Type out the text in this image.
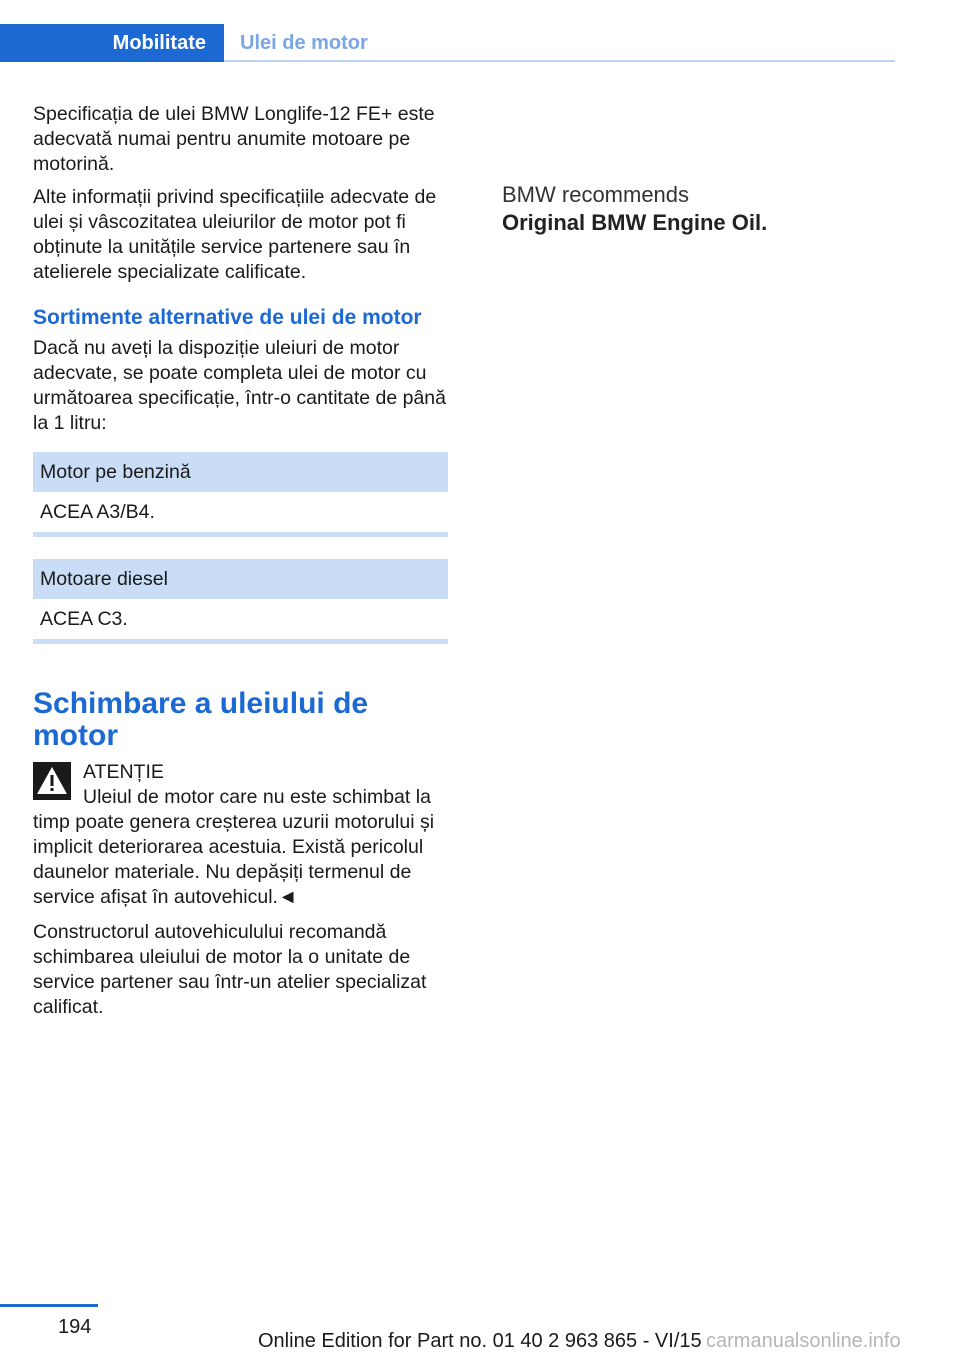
Mobilitate	Ulei de motor

Specificația de ulei BMW Longlife-12 FE+ este adecvată numai pentru anumite motoare pe motorină.

Alte informații privind specificațiile adecvate de ulei și vâscozitatea uleiurilor de motor pot fi obținute la unitățile service partenere sau în atelierele specializate calificate.

Sortimente alternative de ulei de motor

Dacă nu aveți la dispoziție uleiuri de motor adecvate, se poate completa ulei de motor cu următoarea specificație, într-o cantitate de până la 1 litru:

Motor pe benzină
ACEA A3/B4.
Motoare diesel
ACEA C3.
Schimbare a uleiului de motor
ATENȚIE

Uleiul de motor care nu este schimbat la timp poate genera creșterea uzurii motorului și implicit deteriorarea acestuia. Există pericolul daunelor materiale. Nu depășiți termenul de service afișat în autovehicul.◄

Constructorul autovehiculului recomandă schimbarea uleiului de motor la o unitate de service partener sau într-un atelier specializat calificat.

BMW recommends
Original BMW Engine Oil.
194
Online Edition for Part no. 01 40 2 963 865 - VI/15 carmanualsonline.info
